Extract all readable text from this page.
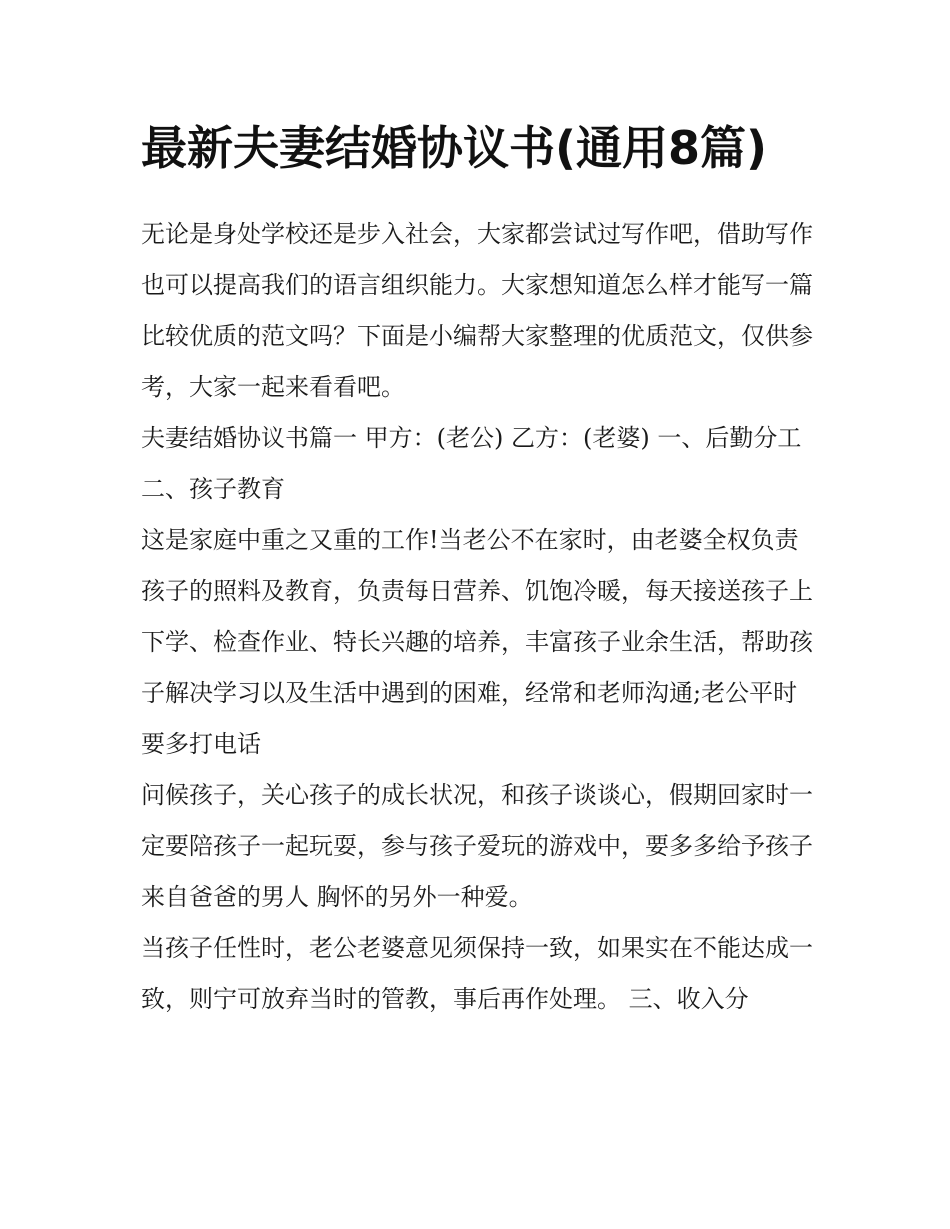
最新夫妻结婚协议书(通用8篇)

无论是身处学校还是步入社会，大家都尝试过写作吧，借助写作也可以提高我们的语言组织能力。大家想知道怎么样才能写一篇比较优质的范文吗？下面是小编帮大家整理的优质范文，仅供参考，大家一起来看看吧。

夫妻结婚协议书篇一 甲方：(老公) 乙方：(老婆) 一、后勤分工 二、孩子教育

这是家庭中重之又重的工作!当老公不在家时，由老婆全权负责孩子的照料及教育，负责每日营养、饥饱冷暖，每天接送孩子上下学、检查作业、特长兴趣的培养，丰富孩子业余生活，帮助孩子解决学习以及生活中遇到的困难，经常和老师沟通;老公平时要多打电话

问候孩子，关心孩子的成长状况，和孩子谈谈心，假期回家时一定要陪孩子一起玩耍，参与孩子爱玩的游戏中，要多多给予孩子来自爸爸的男人 胸怀的另外一种爱。

当孩子任性时，老公老婆意见须保持一致，如果实在不能达成一致，则宁可放弃当时的管教，事后再作处理。 三、收入分
